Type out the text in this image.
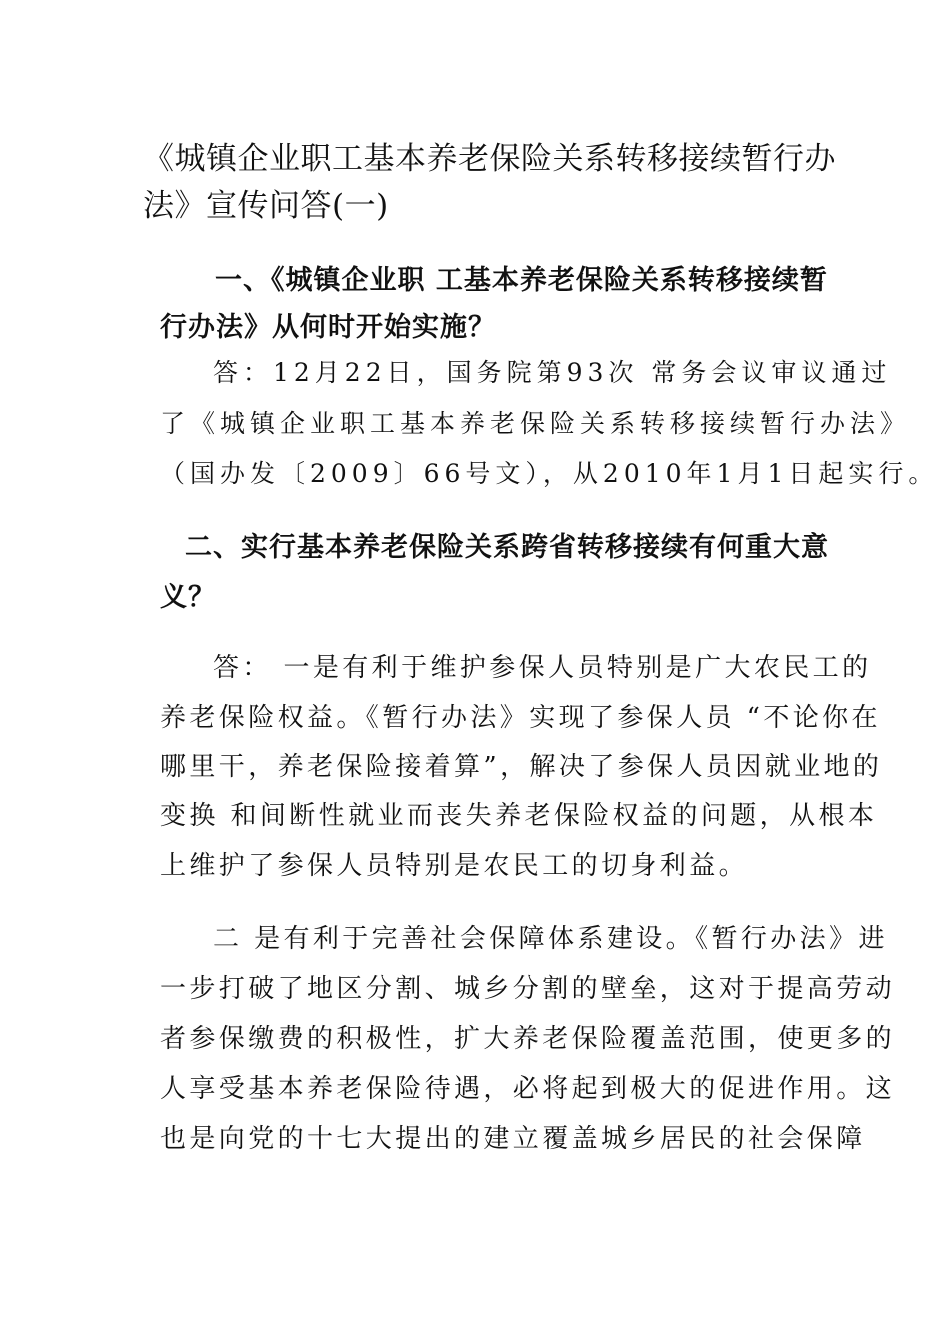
《城镇企业职工基本养老保险关系转移接续暂行办
法》宣传问答(一)
一、《城镇企业职 工基本养老保险关系转移接续暂
行办法》从何时开始实施？
答：12月22日，国务院第93次 常务会议审议通过
了《城镇企业职工基本养老保险关系转移接续暂行办法》
（国办发〔2009〕66号文），从2010年1月1日起实行。
二、实行基本养老保险关系跨省转移接续有何重大意
义？
答： 一是有利于维护参保人员特别是广大农民工的
养老保险权益。《暂行办法》实现了参保人员 “不论你在
哪里干，养老保险接着算”，解决了参保人员因就业地的
变换 和间断性就业而丧失养老保险权益的问题，从根本
上维护了参保人员特别是农民工的切身利益。
二 是有利于完善社会保障体系建设。《暂行办法》进
一步打破了地区分割、城乡分割的壁垒，这对于提高劳动
者参保缴费的积极性，扩大养老保险覆盖范围，使更多的
人享受基本养老保险待遇，必将起到极大的促进作用。这
也是向党的十七大提出的建立覆盖城乡居民的社会保障
